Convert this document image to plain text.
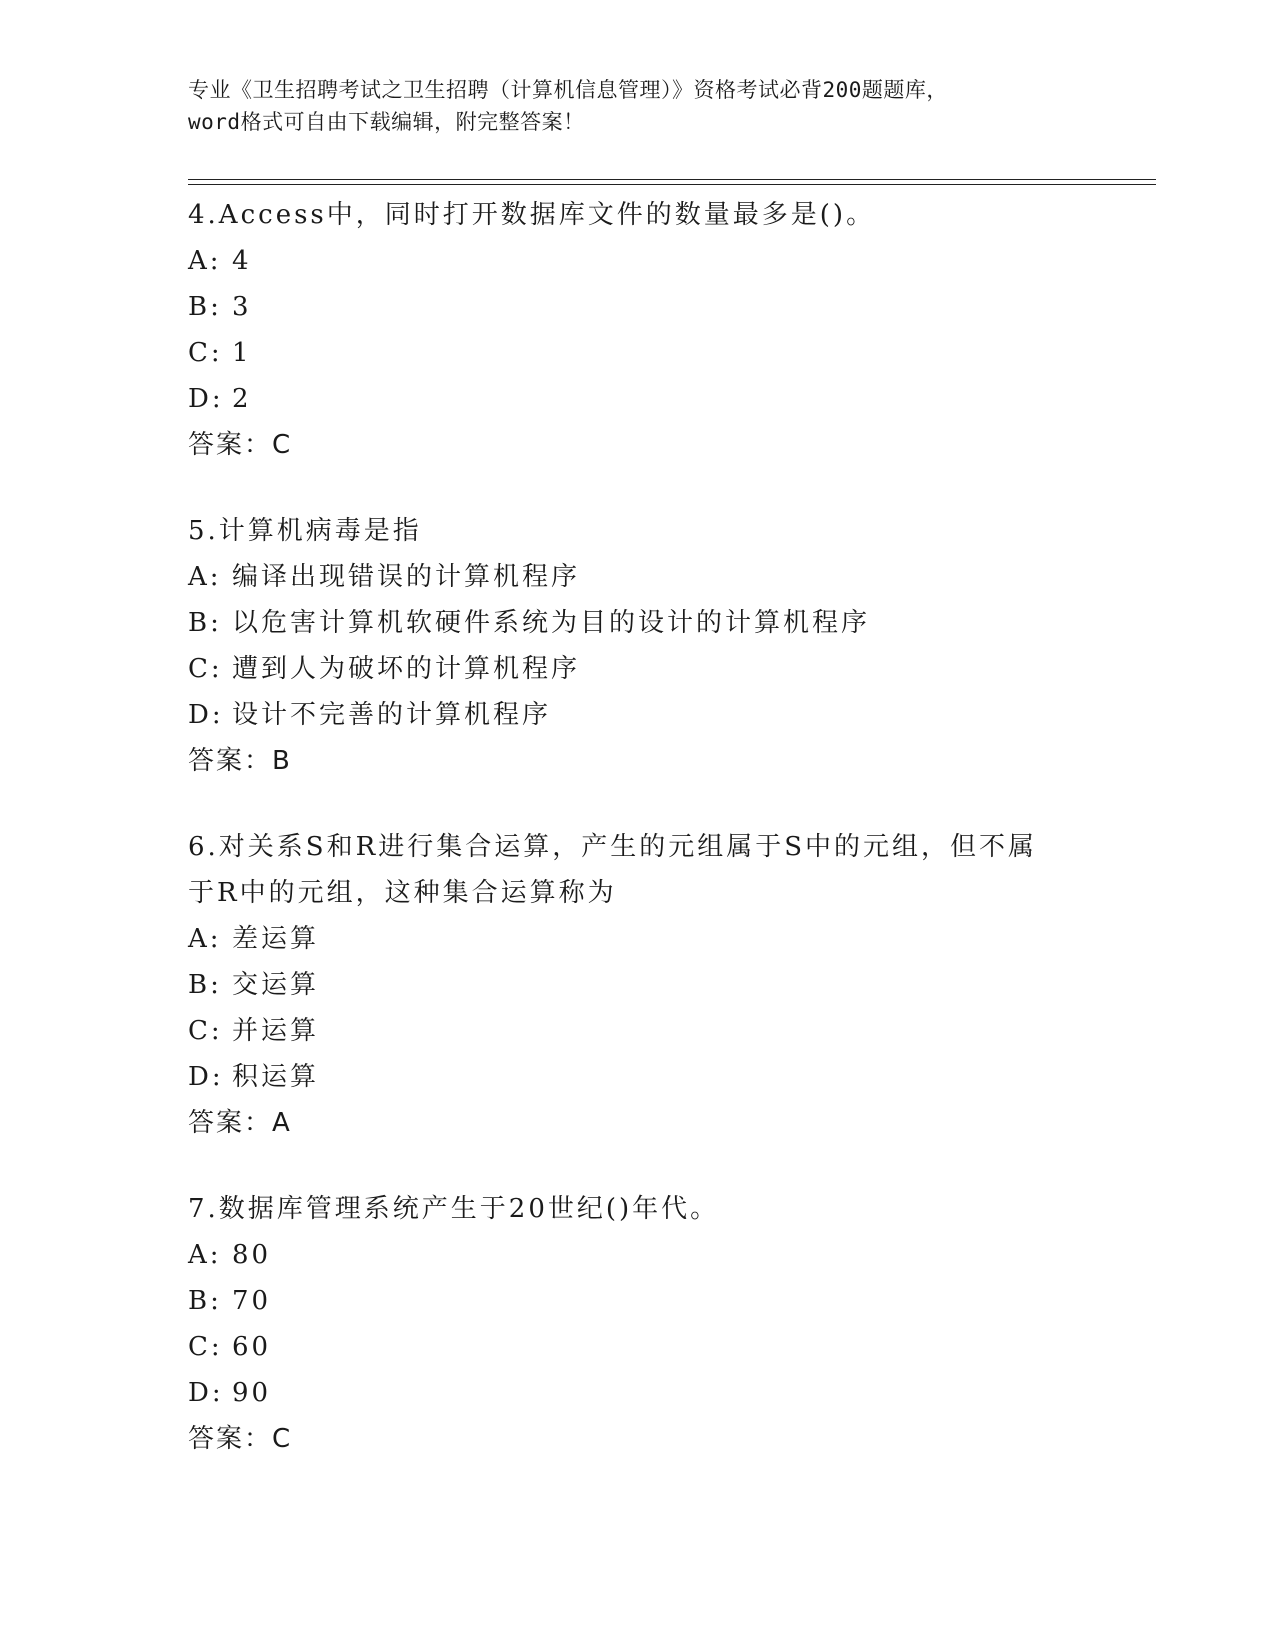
专业《卫生招聘考试之卫生招聘（计算机信息管理）》资格考试必背200题题库，
word格式可自由下载编辑，附完整答案！
4.Access中，同时打开数据库文件的数量最多是()。
A: 4
B: 3
C: 1
D: 2
答案：C
5.计算机病毒是指
A: 编译出现错误的计算机程序
B: 以危害计算机软硬件系统为目的设计的计算机程序
C: 遭到人为破坏的计算机程序
D: 设计不完善的计算机程序
答案：B
6.对关系S和R进行集合运算，产生的元组属于S中的元组，但不属
于R中的元组，这种集合运算称为
A: 差运算
B: 交运算
C: 并运算
D: 积运算
答案：A
7.数据库管理系统产生于20世纪()年代。
A: 80
B: 70
C: 60
D: 90
答案：C
